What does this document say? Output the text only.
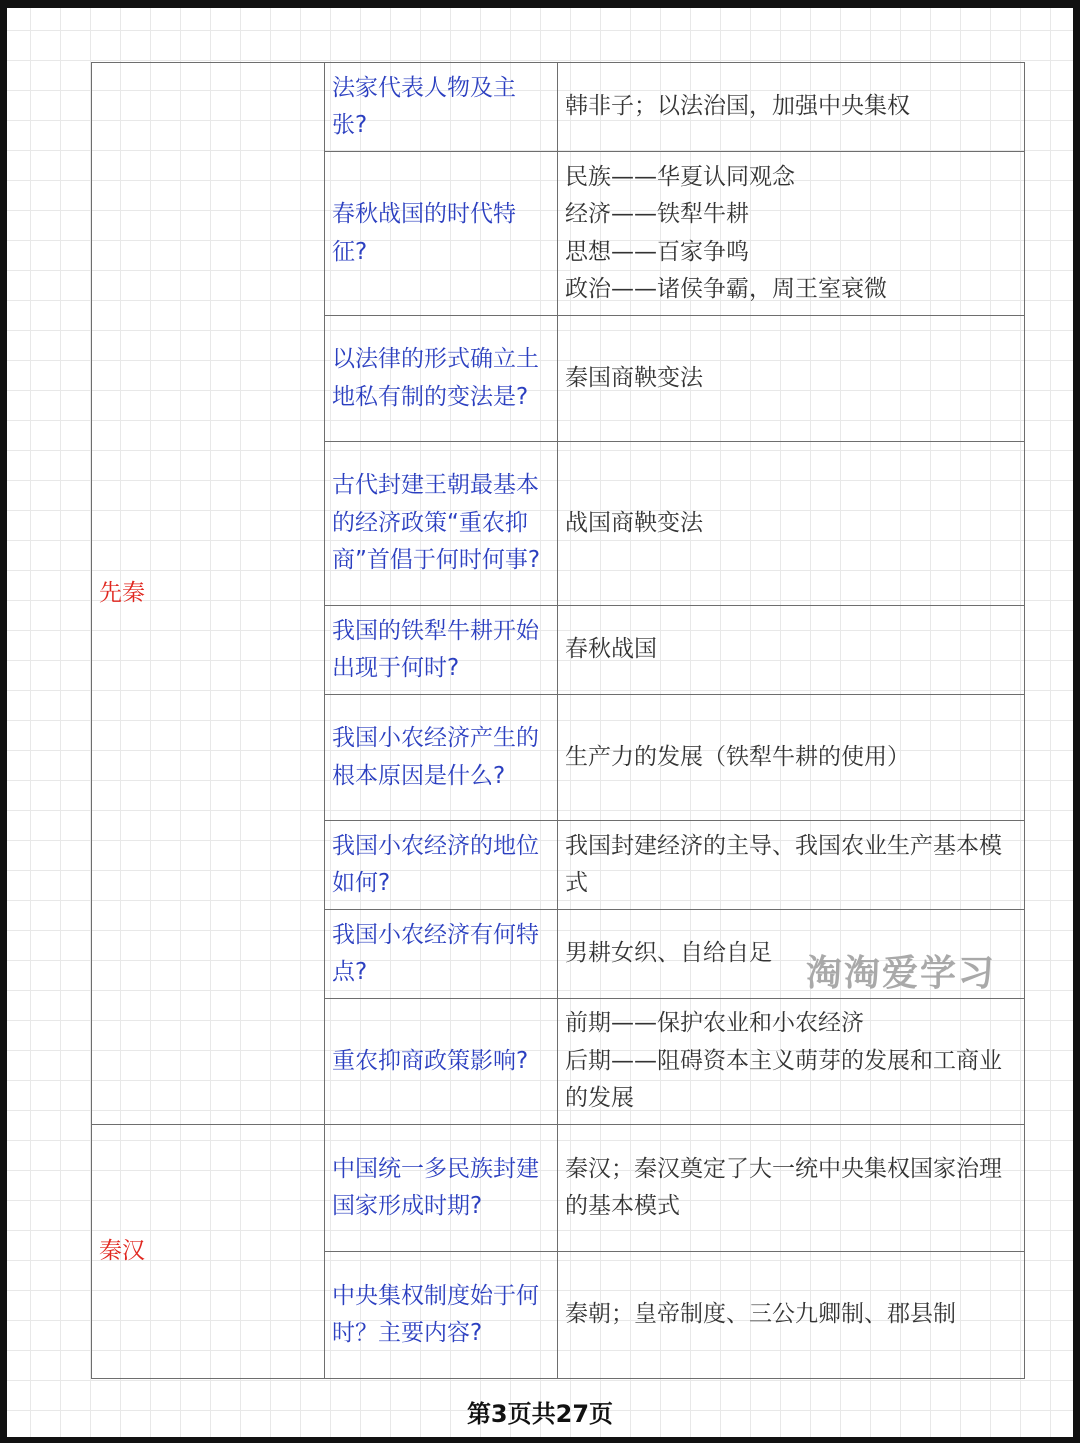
先秦	法家代表人物及主张?	韩非子；以法治国，加强中央集权

	春秋战国的时代特征?	民族——华夏认同观念
经济——铁犁牛耕
思想——百家争鸣
政治——诸侯争霸，周王室衰微

	以法律的形式确立土地私有制的变法是?	秦国商鞅变法

	古代封建王朝最基本的经济政策“重农抑商”首倡于何时何事?	战国商鞅变法

	我国的铁犁牛耕开始出现于何时?	春秋战国

	我国小农经济产生的根本原因是什么?	生产力的发展（铁犁牛耕的使用）

	我国小农经济的地位如何?	我国封建经济的主导、我国农业生产基本模式

	我国小农经济有何特点?	男耕女织、自给自足

	重农抑商政策影响?	前期——保护农业和小农经济
后期——阻碍资本主义萌芽的发展和工商业的发展

秦汉	中国统一多民族封建国家形成时期?	秦汉；秦汉奠定了大一统中央集权国家治理的基本模式

	中央集权制度始于何时？主要内容?	秦朝；皇帝制度、三公九卿制、郡县制
淘淘爱学习
第3页共27页
